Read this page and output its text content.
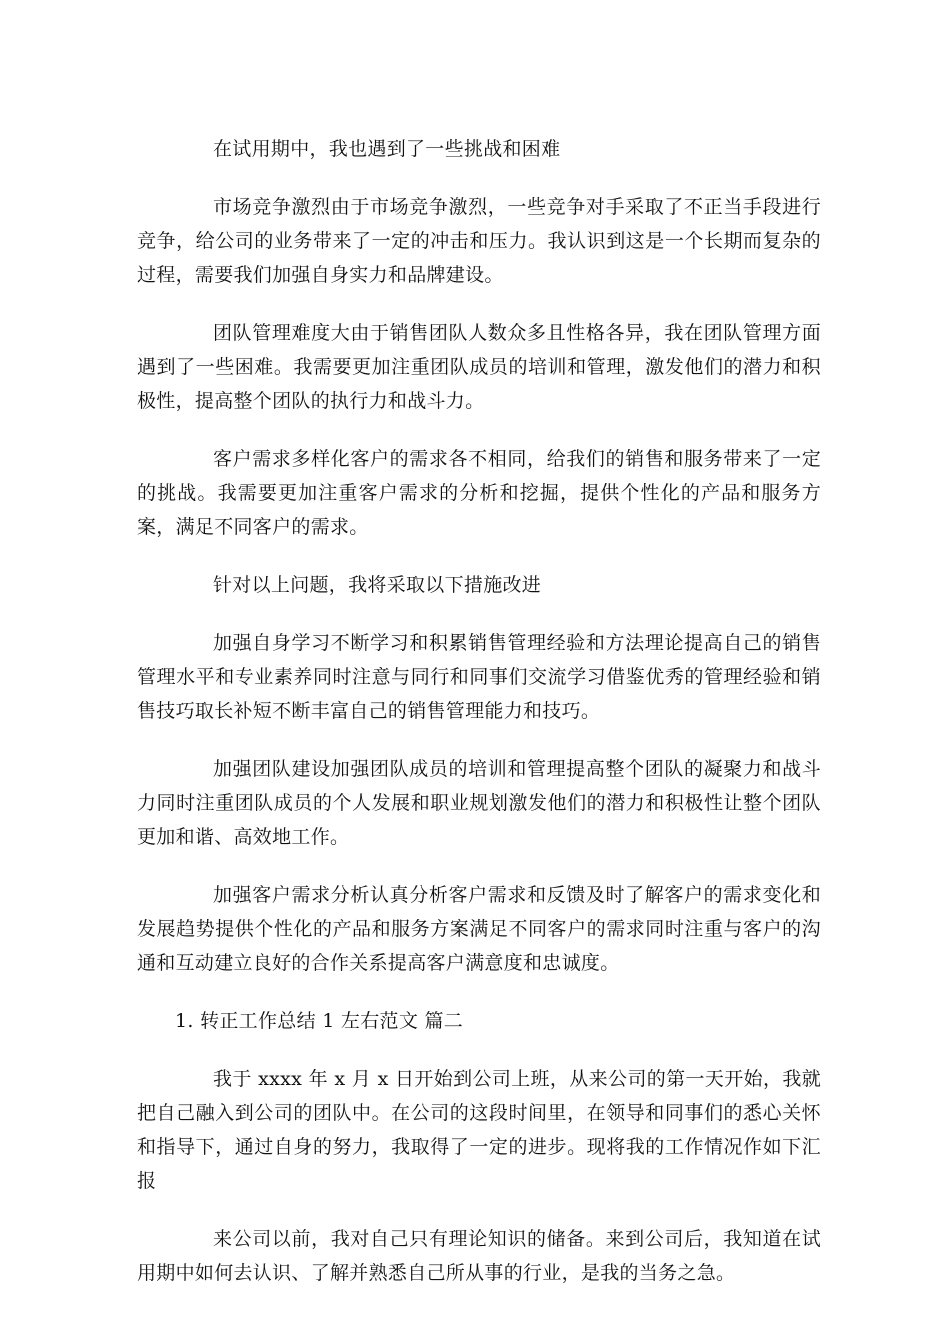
在试用期中，我也遇到了一些挑战和困难

市场竞争激烈由于市场竞争激烈，一些竞争对手采取了不正当手段进行竞争，给公司的业务带来了一定的冲击和压力。我认识到这是一个长期而复杂的过程，需要我们加强自身实力和品牌建设。

团队管理难度大由于销售团队人数众多且性格各异，我在团队管理方面遇到了一些困难。我需要更加注重团队成员的培训和管理，激发他们的潜力和积极性，提高整个团队的执行力和战斗力。

客户需求多样化客户的需求各不相同，给我们的销售和服务带来了一定的挑战。我需要更加注重客户需求的分析和挖掘，提供个性化的产品和服务方案，满足不同客户的需求。

针对以上问题，我将采取以下措施改进

加强自身学习不断学习和积累销售管理经验和方法理论提高自己的销售管理水平和专业素养同时注意与同行和同事们交流学习借鉴优秀的管理经验和销售技巧取长补短不断丰富自己的销售管理能力和技巧。

加强团队建设加强团队成员的培训和管理提高整个团队的凝聚力和战斗力同时注重团队成员的个人发展和职业规划激发他们的潜力和积极性让整个团队更加和谐、高效地工作。

加强客户需求分析认真分析客户需求和反馈及时了解客户的需求变化和发展趋势提供个性化的产品和服务方案满足不同客户的需求同时注重与客户的沟通和互动建立良好的合作关系提高客户满意度和忠诚度。

1. 转正工作总结 1 左右范文 篇二

我于 xxxx 年 x 月 x 日开始到公司上班，从来公司的第一天开始，我就把自己融入到公司的团队中。在公司的这段时间里，在领导和同事们的悉心关怀和指导下，通过自身的努力，我取得了一定的进步。现将我的工作情况作如下汇报

来公司以前，我对自己只有理论知识的储备。来到公司后，我知道在试用期中如何去认识、了解并熟悉自己所从事的行业，是我的当务之急。
